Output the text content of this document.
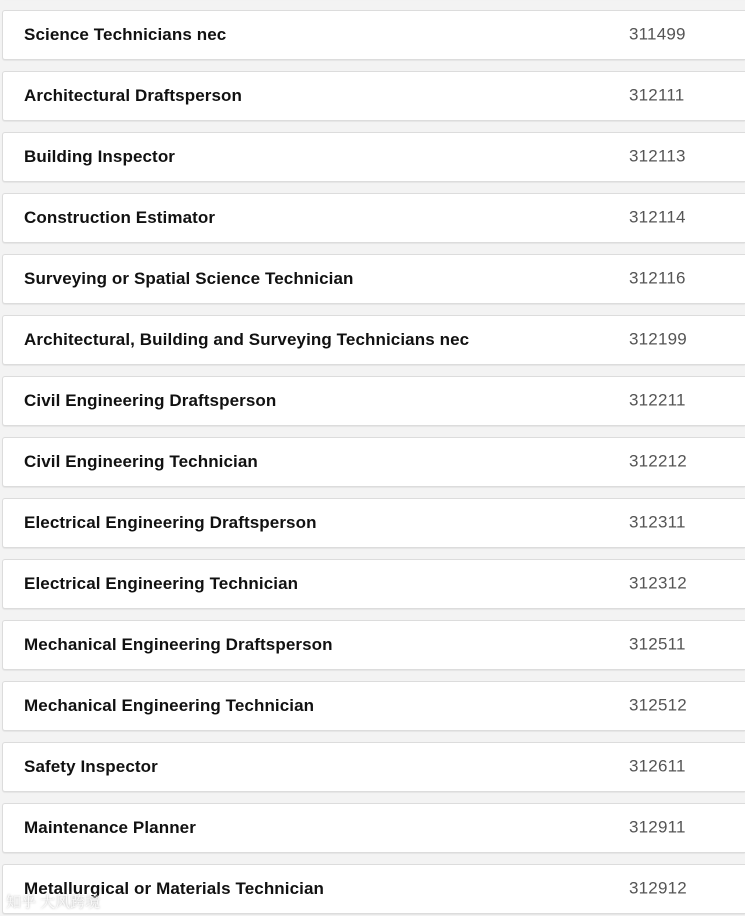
Science Technicians nec	311499
Architectural Draftsperson	312111
Building Inspector	312113
Construction Estimator	312114
Surveying or Spatial Science Technician	312116
Architectural, Building and Surveying Technicians nec	312199
Civil Engineering Draftsperson	312211
Civil Engineering Technician	312212
Electrical Engineering Draftsperson	312311
Electrical Engineering Technician	312312
Mechanical Engineering Draftsperson	312511
Mechanical Engineering Technician	312512
Safety Inspector	312611
Maintenance Planner	312911
Metallurgical or Materials Technician	312912
知乎 大风跨境
